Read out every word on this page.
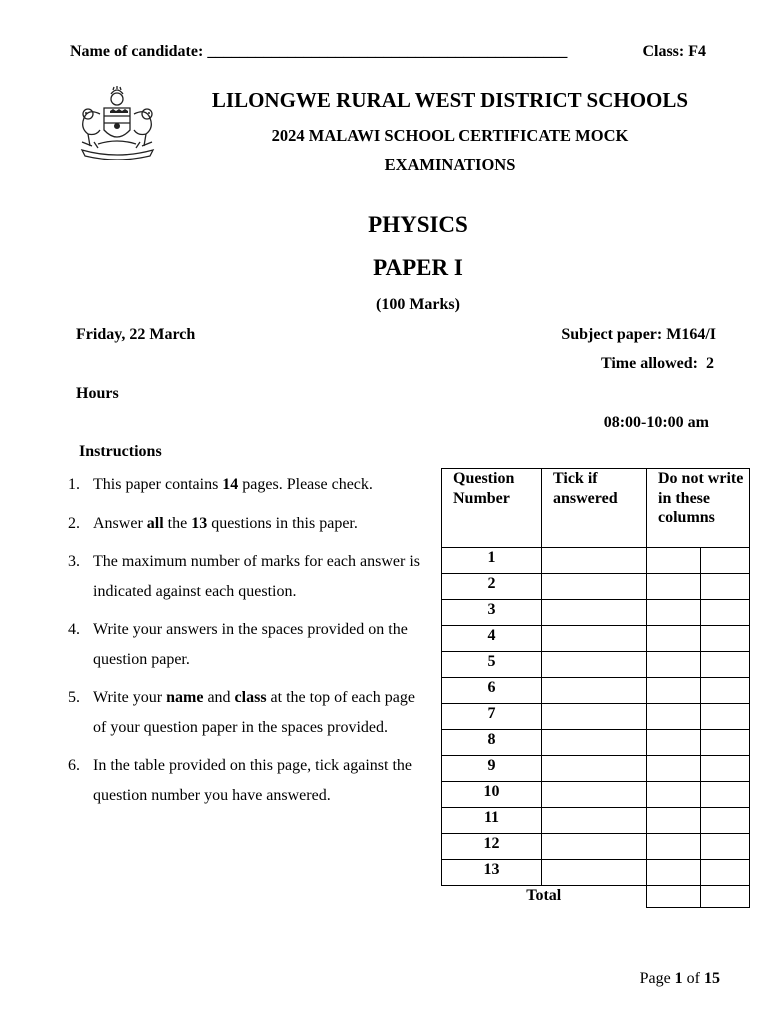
Name of candidate: _____________________________________________	Class: F4
LILONGWE RURAL WEST DISTRICT SCHOOLS
2024 MALAWI SCHOOL CERTIFICATE MOCK
EXAMINATIONS
PHYSICS
PAPER I
(100 Marks)
Friday, 22 March	Subject paper: M164/I
Time allowed:  2
Hours
08:00-10:00 am
Instructions
1. This paper contains 14 pages. Please check.
2. Answer all the 13 questions in this paper.
3. The maximum number of marks for each answer is indicated against each question.
4. Write your answers in the spaces provided on the question paper.
5. Write your name and class at the top of each page of your question paper in the spaces provided.
6. In the table provided on this page, tick against the question number you have answered.
Question Number	Tick if answered	Do not write in these columns	
1			
2			
3			
4			
5			
6			
7			
8			
9			
10			
11			
12			
13			
Total			
Page 1 of 15
